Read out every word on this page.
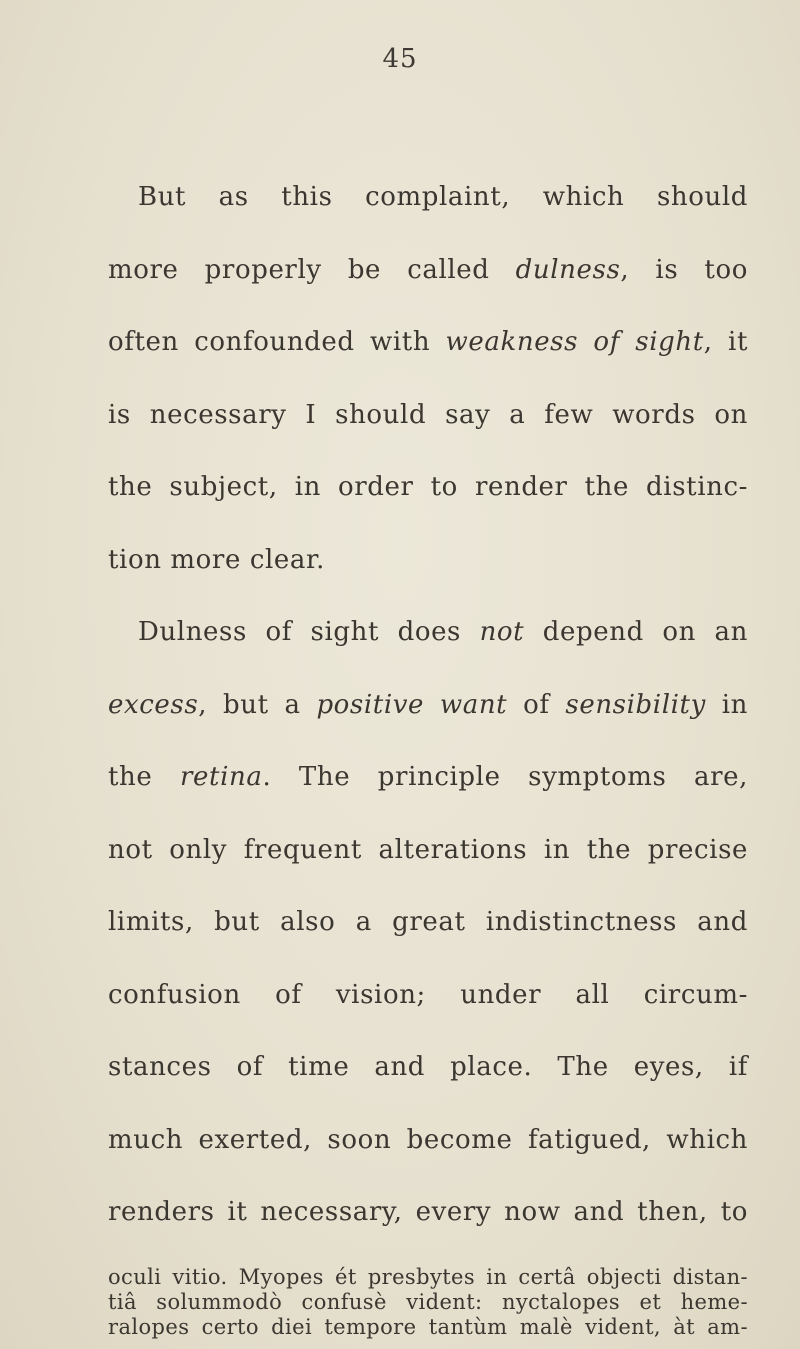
45
But as this complaint, which should
more properly be called dulness, is too
often confounded with weakness of sight, it
is necessary I should say a few words on
the subject, in order to render the distinc-
tion more clear.
Dulness of sight does not depend on an
excess, but a positive want of sensibility in
the retina. The principle symptoms are,
not only frequent alterations in the precise
limits, but also a great indistinctness and
confusion of vision; under all circum-
stances of time and place. The eyes, if
much exerted, soon become fatigued, which
renders it necessary, every now and then, to
oculi vitio. Myopes ét presbytes in certâ objecti distan-
tiâ solummodò confusè vident: nyctalopes et heme-
ralopes certo diei tempore tantùm malè vident, àt am-
